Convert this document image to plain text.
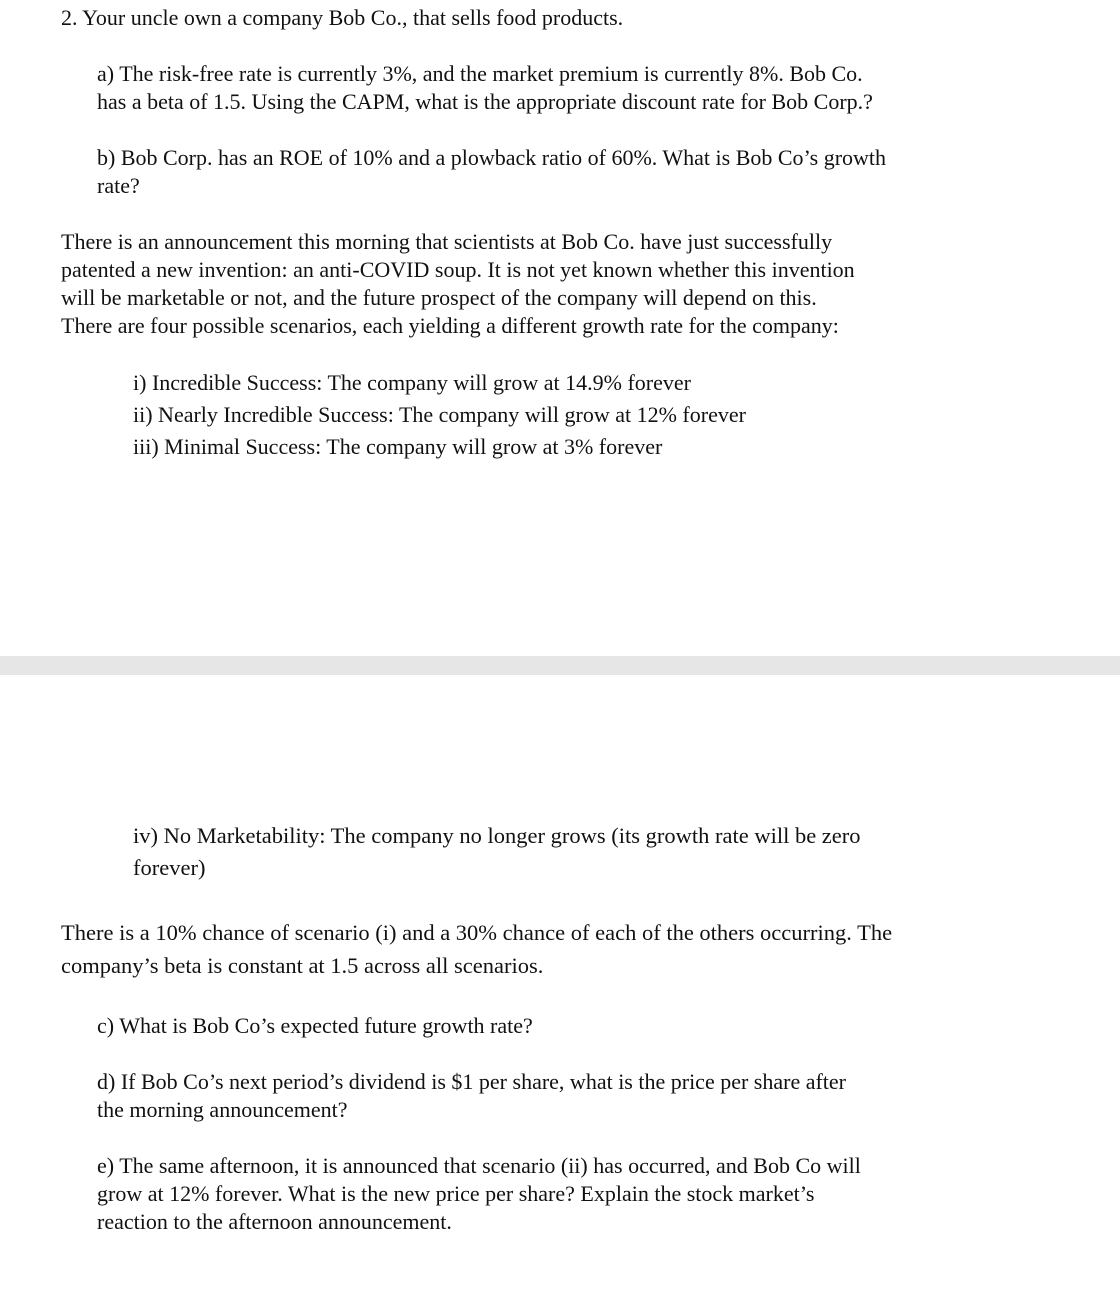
2. Your uncle own a company Bob Co., that sells food products.

a) The risk-free rate is currently 3%, and the market premium is currently 8%. Bob Co.

has a beta of 1.5. Using the CAPM, what is the appropriate discount rate for Bob Corp.?

b) Bob Corp. has an ROE of 10% and a plowback ratio of 60%. What is Bob Co’s growth

rate?

There is an announcement this morning that scientists at Bob Co. have just successfully

patented a new invention: an anti-COVID soup. It is not yet known whether this invention

will be marketable or not, and the future prospect of the company will depend on this.

There are four possible scenarios, each yielding a different growth rate for the company:

i) Incredible Success: The company will grow at 14.9% forever

ii) Nearly Incredible Success: The company will grow at 12% forever

iii) Minimal Success: The company will grow at 3% forever

iv) No Marketability: The company no longer grows (its growth rate will be zero

forever)

There is a 10% chance of scenario (i) and a 30% chance of each of the others occurring. The

company’s beta is constant at 1.5 across all scenarios.

c) What is Bob Co’s expected future growth rate?

d) If Bob Co’s next period’s dividend is $1 per share, what is the price per share after

the morning announcement?

e) The same afternoon, it is announced that scenario (ii) has occurred, and Bob Co will

grow at 12% forever. What is the new price per share? Explain the stock market’s

reaction to the afternoon announcement.
